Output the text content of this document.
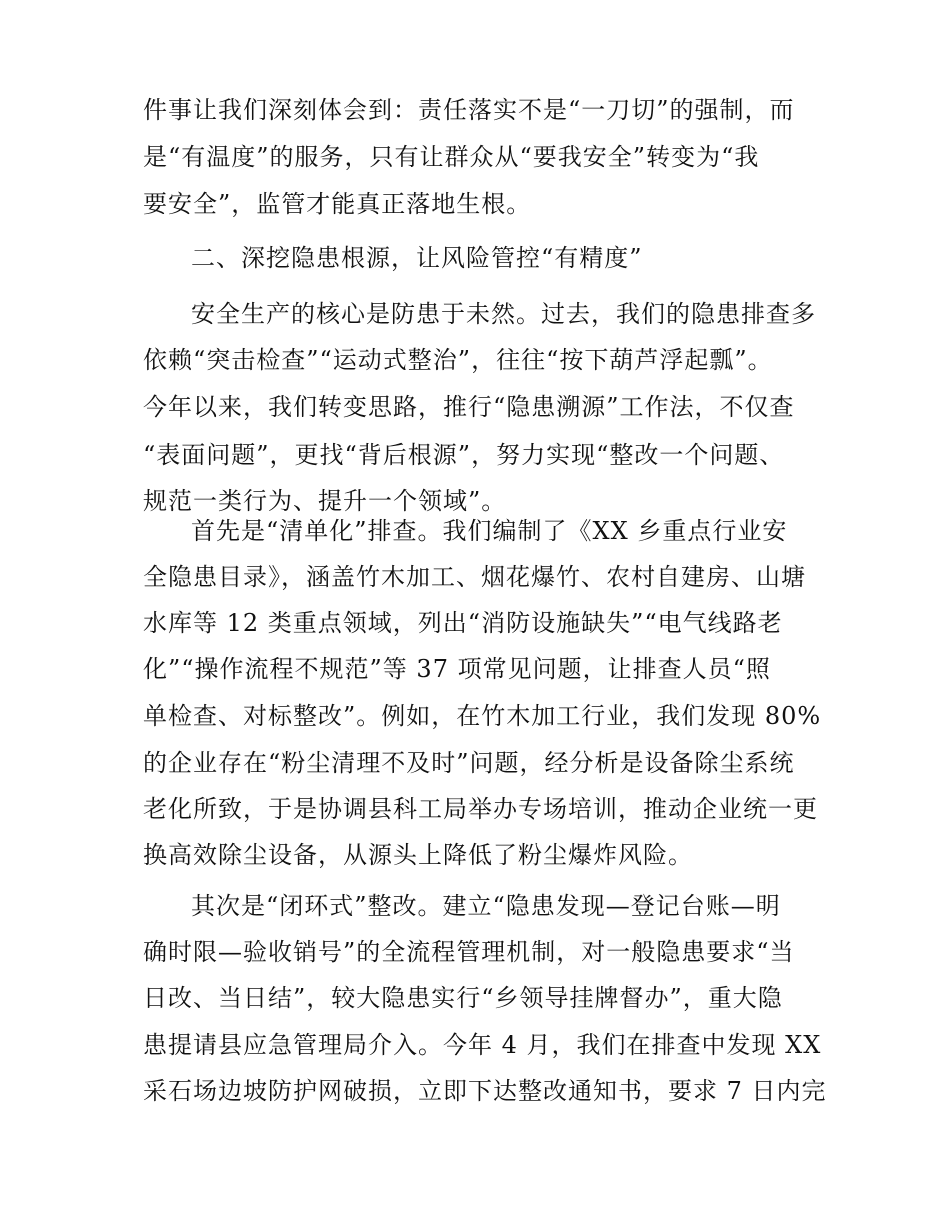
件事让我们深刻体会到：责任落实不是“一刀切”的强制，而
是“有温度”的服务，只有让群众从“要我安全”转变为“我
要安全”，监管才能真正落地生根。
二、深挖隐患根源，让风险管控“有精度”
安全生产的核心是防患于未然。过去，我们的隐患排查多
依赖“突击检查”“运动式整治”，往往“按下葫芦浮起瓢”。
今年以来，我们转变思路，推行“隐患溯源”工作法，不仅查
“表面问题”，更找“背后根源”，努力实现“整改一个问题、
规范一类行为、提升一个领域”。
首先是“清单化”排查。我们编制了《XX 乡重点行业安
全隐患目录》，涵盖竹木加工、烟花爆竹、农村自建房、山塘
水库等 12 类重点领域，列出“消防设施缺失”“电气线路老
化”“操作流程不规范”等 37 项常见问题，让排查人员“照
单检查、对标整改”。例如，在竹木加工行业，我们发现 80%
的企业存在“粉尘清理不及时”问题，经分析是设备除尘系统
老化所致，于是协调县科工局举办专场培训，推动企业统一更
换高效除尘设备，从源头上降低了粉尘爆炸风险。
其次是“闭环式”整改。建立“隐患发现—登记台账—明
确时限—验收销号”的全流程管理机制，对一般隐患要求“当
日改、当日结”，较大隐患实行“乡领导挂牌督办”，重大隐
患提请县应急管理局介入。今年 4 月，我们在排查中发现 XX
采石场边坡防护网破损，立即下达整改通知书，要求 7 日内完
